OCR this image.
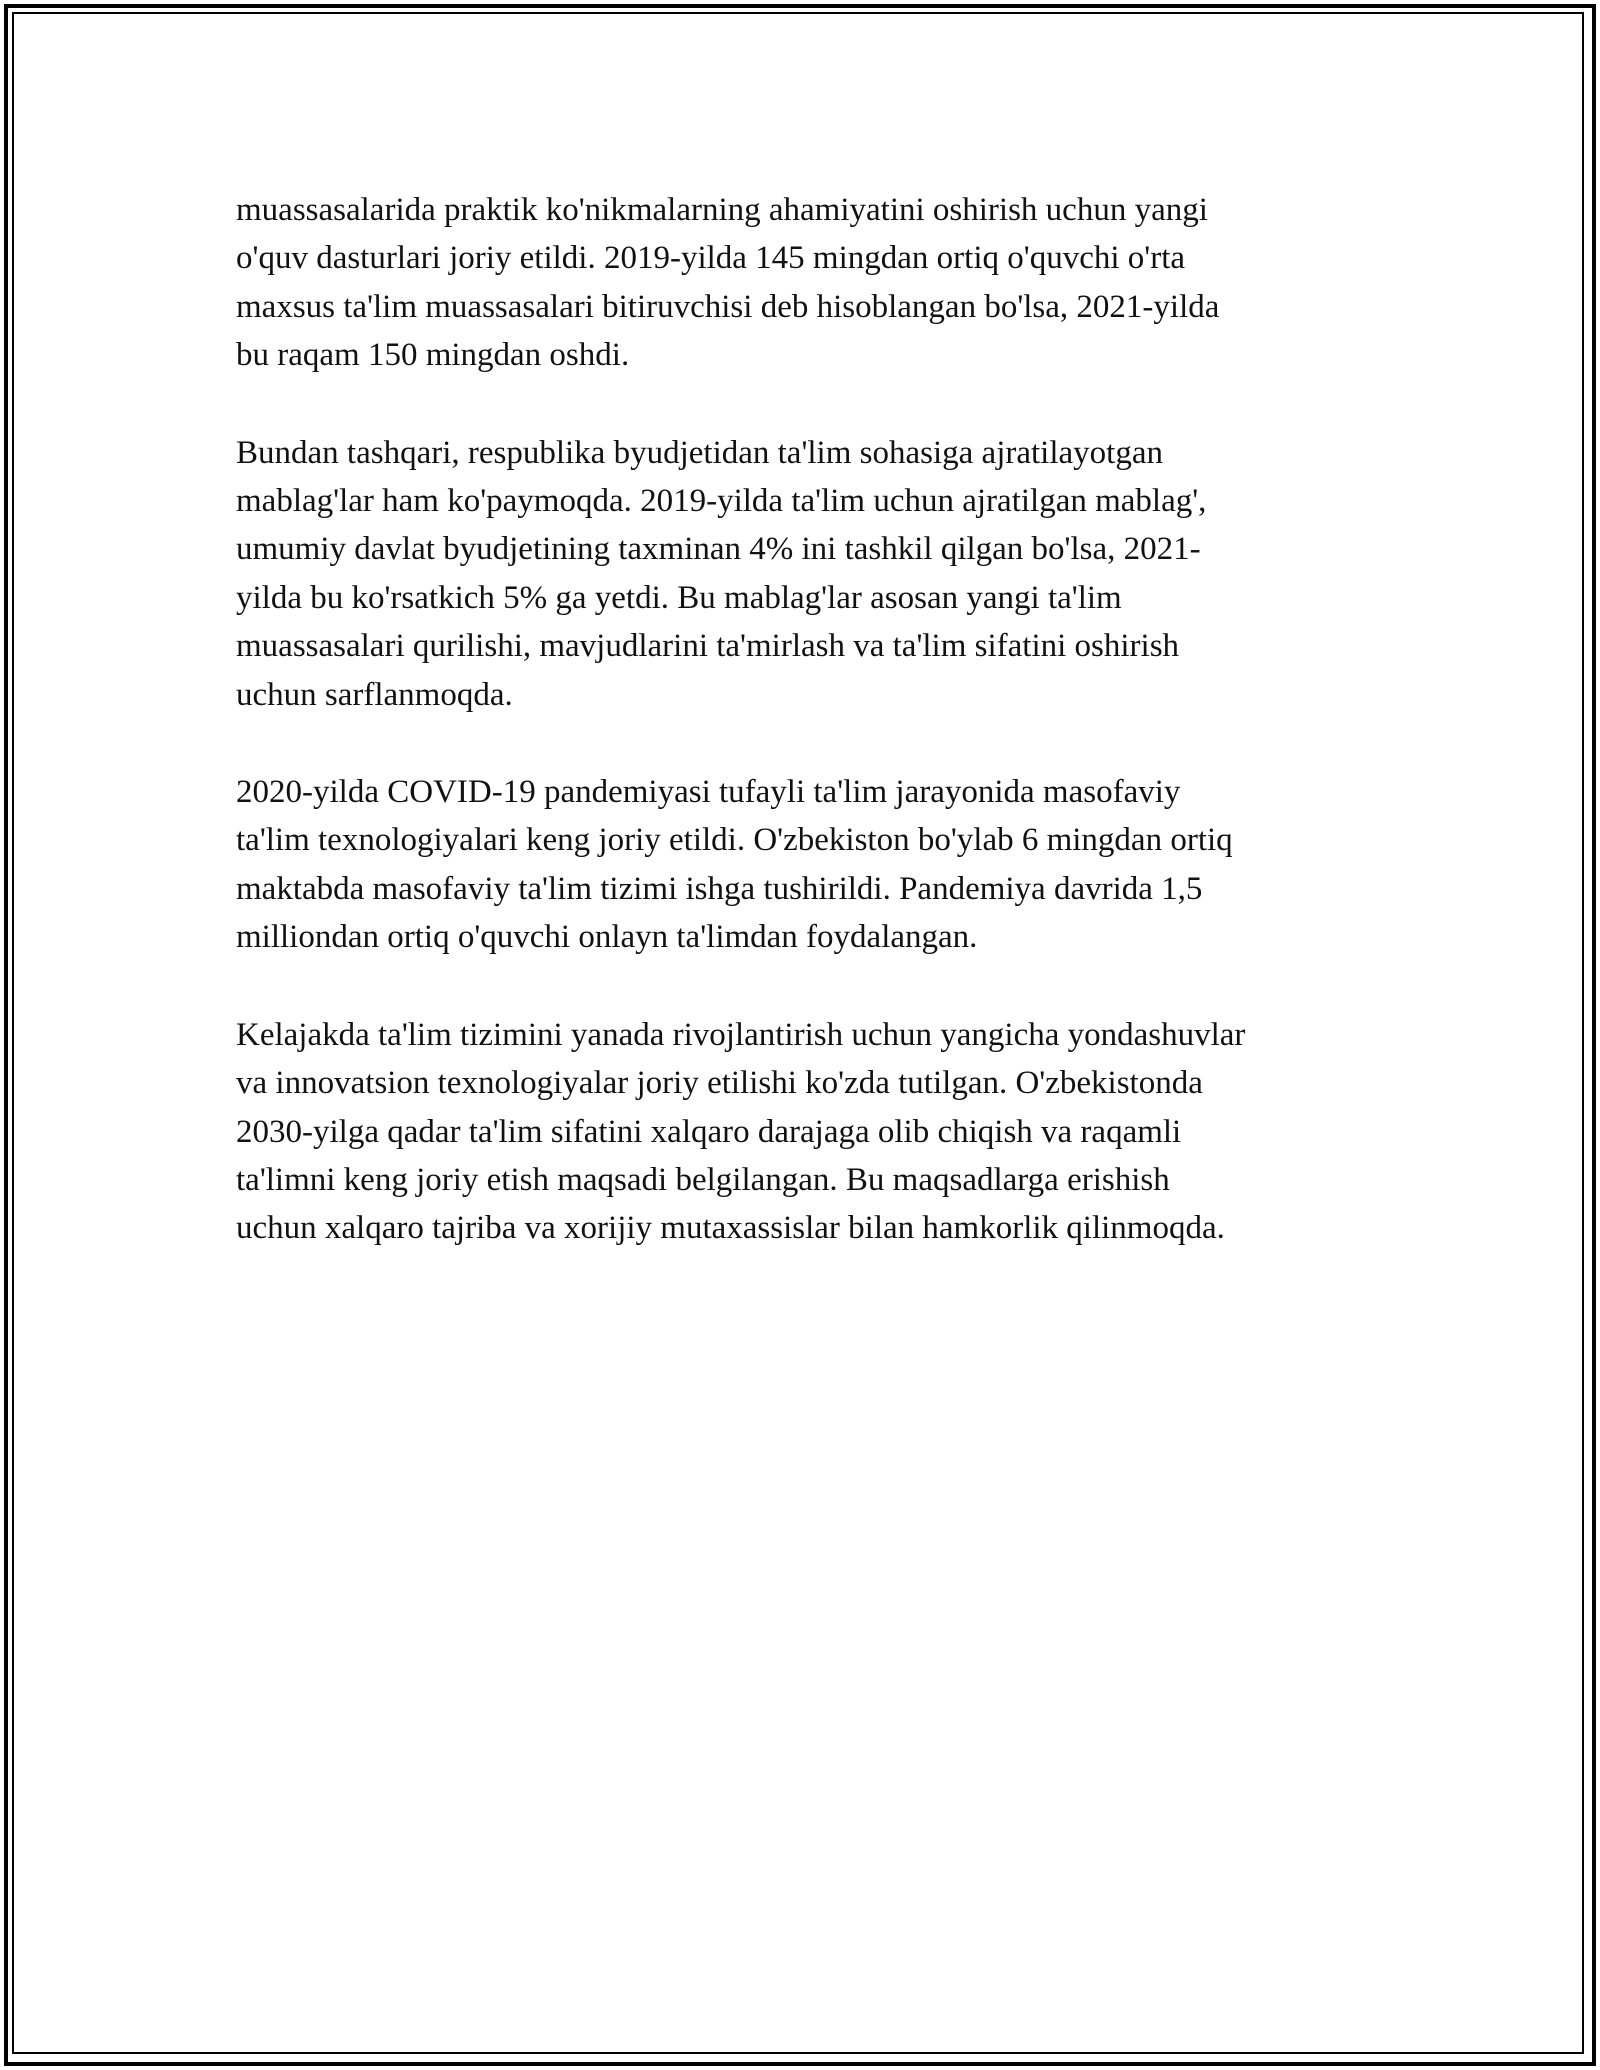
muassasalarida praktik ko'nikmalarning ahamiyatini oshirish uchun yangi
o'quv dasturlari joriy etildi. 2019-yilda 145 mingdan ortiq o'quvchi o'rta
maxsus ta'lim muassasalari bitiruvchisi deb hisoblangan bo'lsa, 2021-yilda
bu raqam 150 mingdan oshdi.

Bundan tashqari, respublika byudjetidan ta'lim sohasiga ajratilayotgan
mablag'lar ham ko'paymoqda. 2019-yilda ta'lim uchun ajratilgan mablag',
umumiy davlat byudjetining taxminan 4% ini tashkil qilgan bo'lsa, 2021-
yilda bu ko'rsatkich 5% ga yetdi. Bu mablag'lar asosan yangi ta'lim
muassasalari qurilishi, mavjudlarini ta'mirlash va ta'lim sifatini oshirish
uchun sarflanmoqda.

2020-yilda COVID-19 pandemiyasi tufayli ta'lim jarayonida masofaviy
ta'lim texnologiyalari keng joriy etildi. O'zbekiston bo'ylab 6 mingdan ortiq
maktabda masofaviy ta'lim tizimi ishga tushirildi. Pandemiya davrida 1,5
milliondan ortiq o'quvchi onlayn ta'limdan foydalangan.

Kelajakda ta'lim tizimini yanada rivojlantirish uchun yangicha yondashuvlar
va innovatsion texnologiyalar joriy etilishi ko'zda tutilgan. O'zbekistonda
2030-yilga qadar ta'lim sifatini xalqaro darajaga olib chiqish va raqamli
ta'limni keng joriy etish maqsadi belgilangan. Bu maqsadlarga erishish
uchun xalqaro tajriba va xorijiy mutaxassislar bilan hamkorlik qilinmoqda.
